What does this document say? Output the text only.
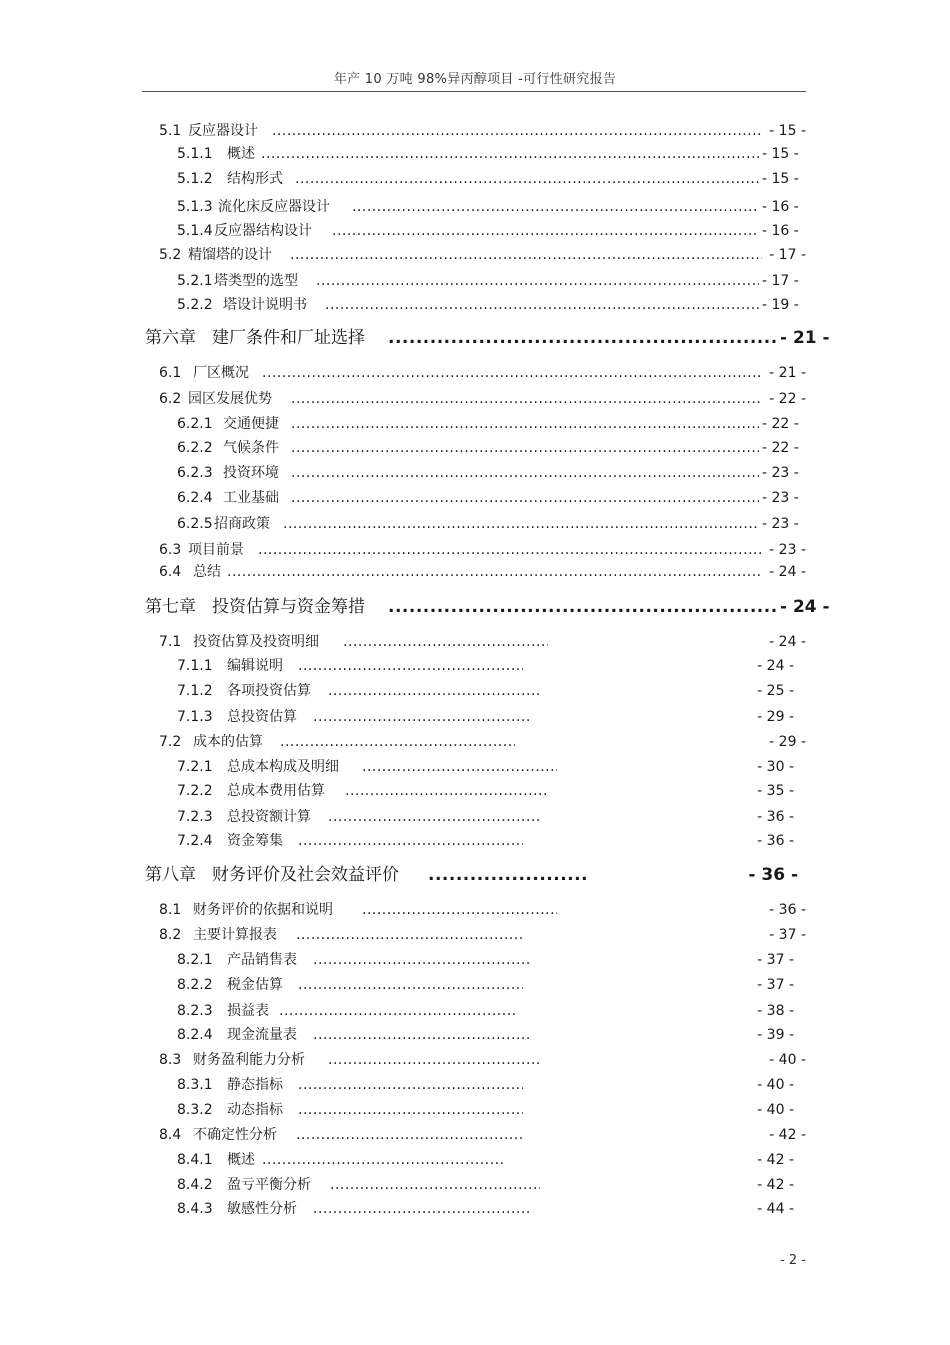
年产 10 万吨 98%异丙醇项目 -可行性研究报告
5.1 反应器设计 .....	- 15 -
5.1.1 概述 .....	- 15 -
5.1.2 结构形式 .....	- 15 -
5.1.3 流化床反应器设计 .....	- 16 -
5.1.4 反应器结构设计 .....	- 16 -
5.2 精馏塔的设计 .....	- 17 -
5.2.1 塔类型的选型 .....	- 17 -
5.2.2 塔设计说明书 .....	- 19 -
第六章 建厂条件和厂址选择 .....	- 21 -
6.1 厂区概况 .....	- 21 -
6.2 园区发展优势 .....	- 22 -
6.2.1 交通便捷 .....	- 22 -
6.2.2 气候条件 .....	- 22 -
6.2.3 投资环境 .....	- 23 -
6.2.4 工业基础 .....	- 23 -
6.2.5 招商政策 .....	- 23 -
6.3 项目前景 .....	- 23 -
6.4 总结 .....	- 24 -
第七章 投资估算与资金筹措 .....	- 24 -
7.1 投资估算及投资明细 .....	- 24 -
7.1.1 编辑说明 .....	- 24 -
7.1.2 各项投资估算 .....	- 25 -
7.1.3 总投资估算 .....	- 29 -
7.2 成本的估算 .....	- 29 -
7.2.1 总成本构成及明细 .....	- 30 -
7.2.2 总成本费用估算 .....	- 35 -
7.2.3 总投资额计算 .....	- 36 -
7.2.4 资金筹集 .....	- 36 -
第八章 财务评价及社会效益评价 .....	- 36 -
8.1 财务评价的依据和说明 .....	- 36 -
8.2 主要计算报表 .....	- 37 -
8.2.1 产品销售表 .....	- 37 -
8.2.2 税金估算 .....	- 37 -
8.2.3 损益表 .....	- 38 -
8.2.4 现金流量表 .....	- 39 -
8.3 财务盈利能力分析 .....	- 40 -
8.3.1 静态指标 .....	- 40 -
8.3.2 动态指标 .....	- 40 -
8.4 不确定性分析 .....	- 42 -
8.4.1 概述 .....	- 42 -
8.4.2 盈亏平衡分析 .....	- 42 -
8.4.3 敏感性分析 .....	- 44 -
- 2 -
